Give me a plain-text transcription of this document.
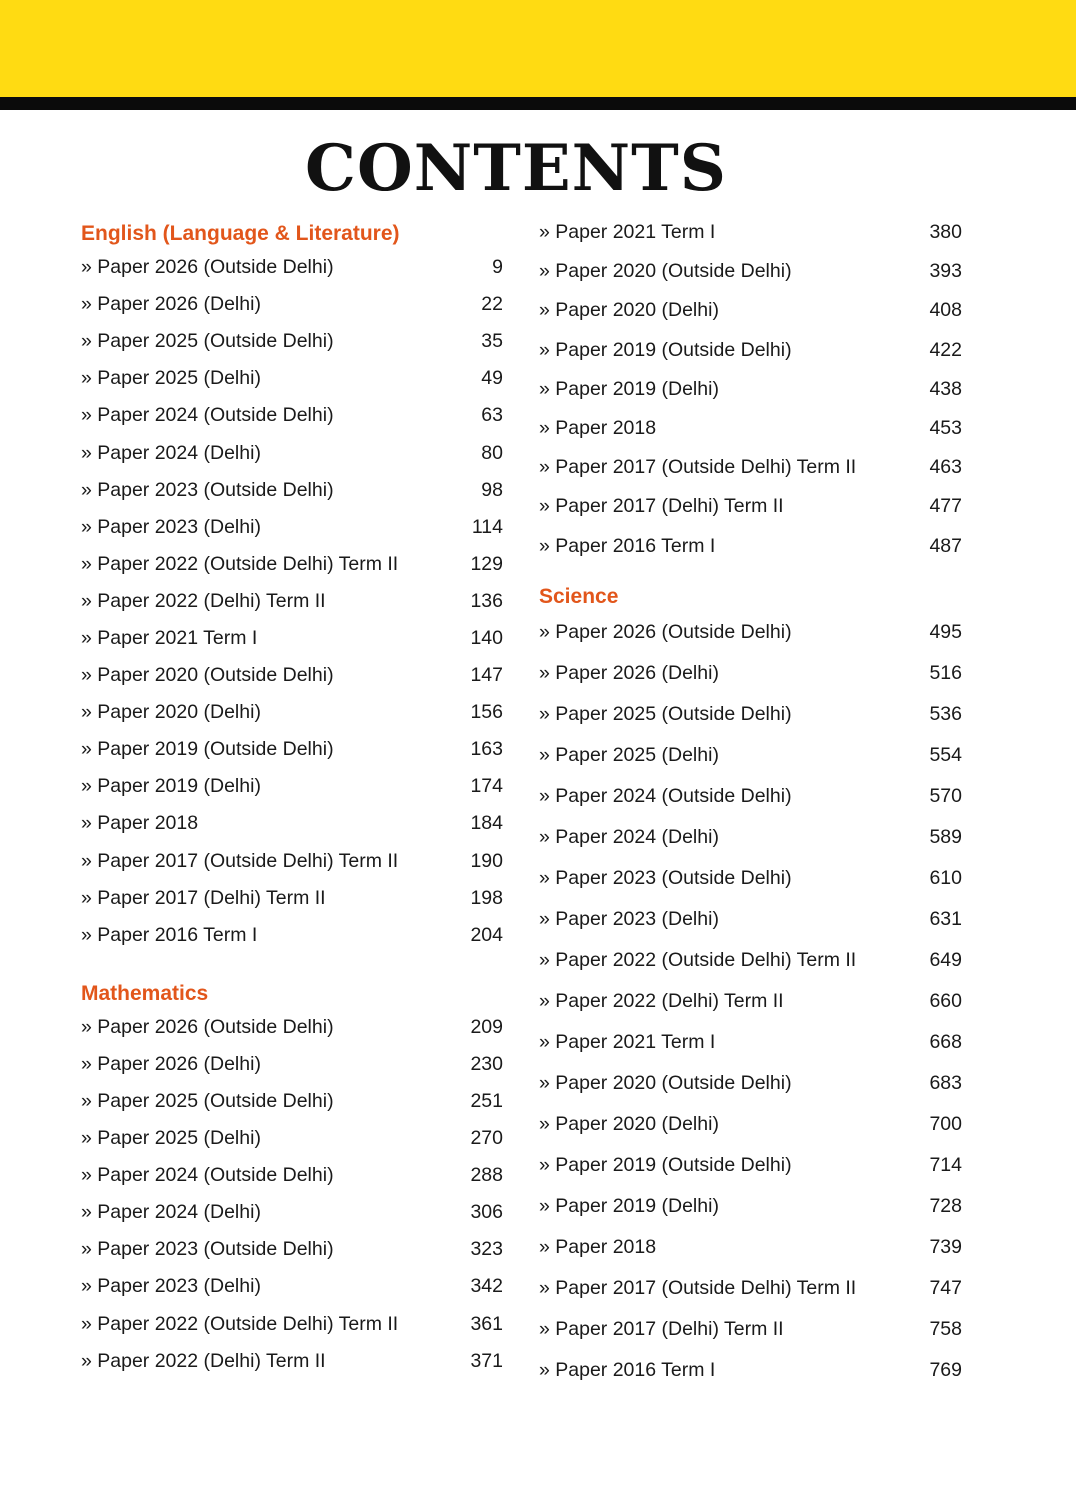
CONTENTS
English (Language & Literature)
» Paper 2026 (Outside Delhi)	9
» Paper 2026 (Delhi)	22
» Paper 2025 (Outside Delhi)	35
» Paper 2025 (Delhi)	49
» Paper 2024 (Outside Delhi)	63
» Paper 2024 (Delhi)	80
» Paper 2023 (Outside Delhi)	98
» Paper 2023 (Delhi)	114
» Paper 2022 (Outside Delhi) Term II	129
» Paper 2022 (Delhi) Term II	136
» Paper 2021 Term I	140
» Paper 2020 (Outside Delhi)	147
» Paper 2020 (Delhi)	156
» Paper 2019 (Outside Delhi)	163
» Paper 2019 (Delhi)	174
» Paper 2018	184
» Paper 2017 (Outside Delhi) Term II	190
» Paper 2017 (Delhi) Term II	198
» Paper 2016 Term I	204
Mathematics
» Paper 2026 (Outside Delhi)	209
» Paper 2026 (Delhi)	230
» Paper 2025 (Outside Delhi)	251
» Paper 2025 (Delhi)	270
» Paper 2024 (Outside Delhi)	288
» Paper 2024 (Delhi)	306
» Paper 2023 (Outside Delhi)	323
» Paper 2023 (Delhi)	342
» Paper 2022 (Outside Delhi) Term II	361
» Paper 2022 (Delhi) Term II	371
» Paper 2021 Term I	380
» Paper 2020 (Outside Delhi)	393
» Paper 2020 (Delhi)	408
» Paper 2019 (Outside Delhi)	422
» Paper 2019 (Delhi)	438
» Paper 2018	453
» Paper 2017 (Outside Delhi) Term II	463
» Paper 2017 (Delhi) Term II	477
» Paper 2016 Term I	487
Science
» Paper 2026 (Outside Delhi)	495
» Paper 2026 (Delhi)	516
» Paper 2025 (Outside Delhi)	536
» Paper 2025 (Delhi)	554
» Paper 2024 (Outside Delhi)	570
» Paper 2024 (Delhi)	589
» Paper 2023 (Outside Delhi)	610
» Paper 2023 (Delhi)	631
» Paper 2022 (Outside Delhi) Term II	649
» Paper 2022 (Delhi) Term II	660
» Paper 2021 Term I	668
» Paper 2020 (Outside Delhi)	683
» Paper 2020 (Delhi)	700
» Paper 2019 (Outside Delhi)	714
» Paper 2019 (Delhi)	728
» Paper 2018	739
» Paper 2017 (Outside Delhi) Term II	747
» Paper 2017 (Delhi) Term II	758
» Paper 2016 Term I	769
